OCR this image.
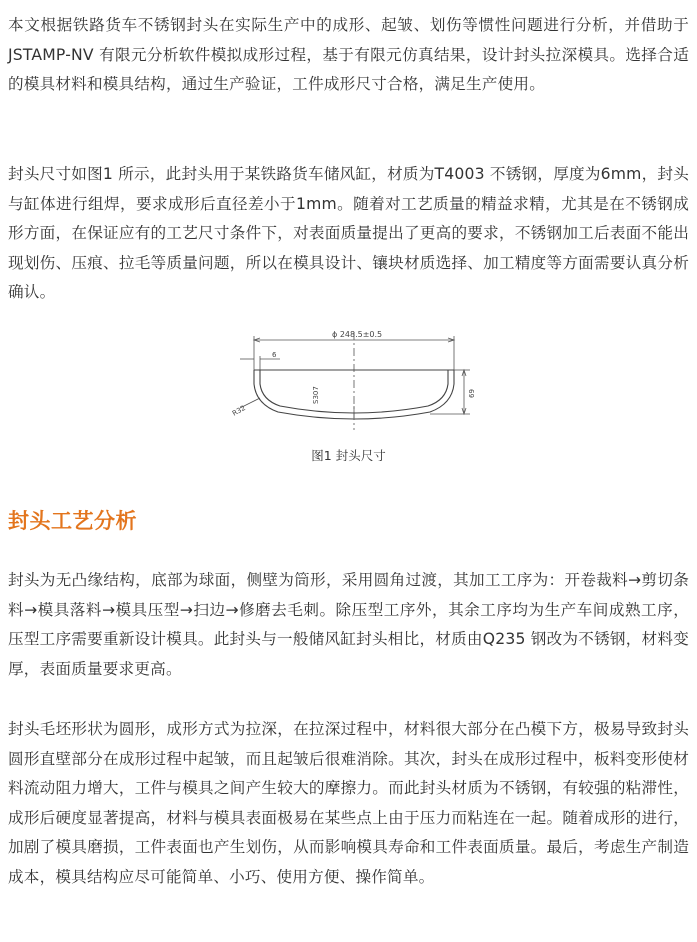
本文根据铁路货车不锈钢封头在实际生产中的成形、起皱、划伤等惯性问题进行分析，并借助于JSTAMP-NV 有限元分析软件模拟成形过程，基于有限元仿真结果，设计封头拉深模具。选择合适的模具材料和模具结构，通过生产验证，工件成形尺寸合格，满足生产使用。

封头尺寸如图1 所示，此封头用于某铁路货车储风缸，材质为T4003 不锈钢，厚度为6mm，封头与缸体进行组焊，要求成形后直径差小于1mm。随着对工艺质量的精益求精，尤其是在不锈钢成形方面，在保证应有的工艺尺寸条件下，对表面质量提出了更高的要求，不锈钢加工后表面不能出现划伤、压痕、拉毛等质量问题，所以在模具设计、镶块材质选择、加工精度等方面需要认真分析确认。

ϕ 248.5±0.5
6
S307
R32
69
图1 封头尺寸
封头工艺分析

封头为无凸缘结构，底部为球面，侧壁为筒形，采用圆角过渡，其加工工序为：开卷裁料→剪切条料→模具落料→模具压型→扫边→修磨去毛刺。除压型工序外，其余工序均为生产车间成熟工序，压型工序需要重新设计模具。此封头与一般储风缸封头相比，材质由Q235 钢改为不锈钢，材料变厚，表面质量要求更高。

封头毛坯形状为圆形，成形方式为拉深，在拉深过程中，材料很大部分在凸模下方，极易导致封头圆形直壁部分在成形过程中起皱，而且起皱后很难消除。其次，封头在成形过程中，板料变形使材料流动阻力增大，工件与模具之间产生较大的摩擦力。而此封头材质为不锈钢，有较强的粘滞性，成形后硬度显著提高，材料与模具表面极易在某些点上由于压力而粘连在一起。随着成形的进行，加剧了模具磨损，工件表面也产生划伤，从而影响模具寿命和工件表面质量。最后，考虑生产制造成本，模具结构应尽可能简单、小巧、使用方便、操作简单。
